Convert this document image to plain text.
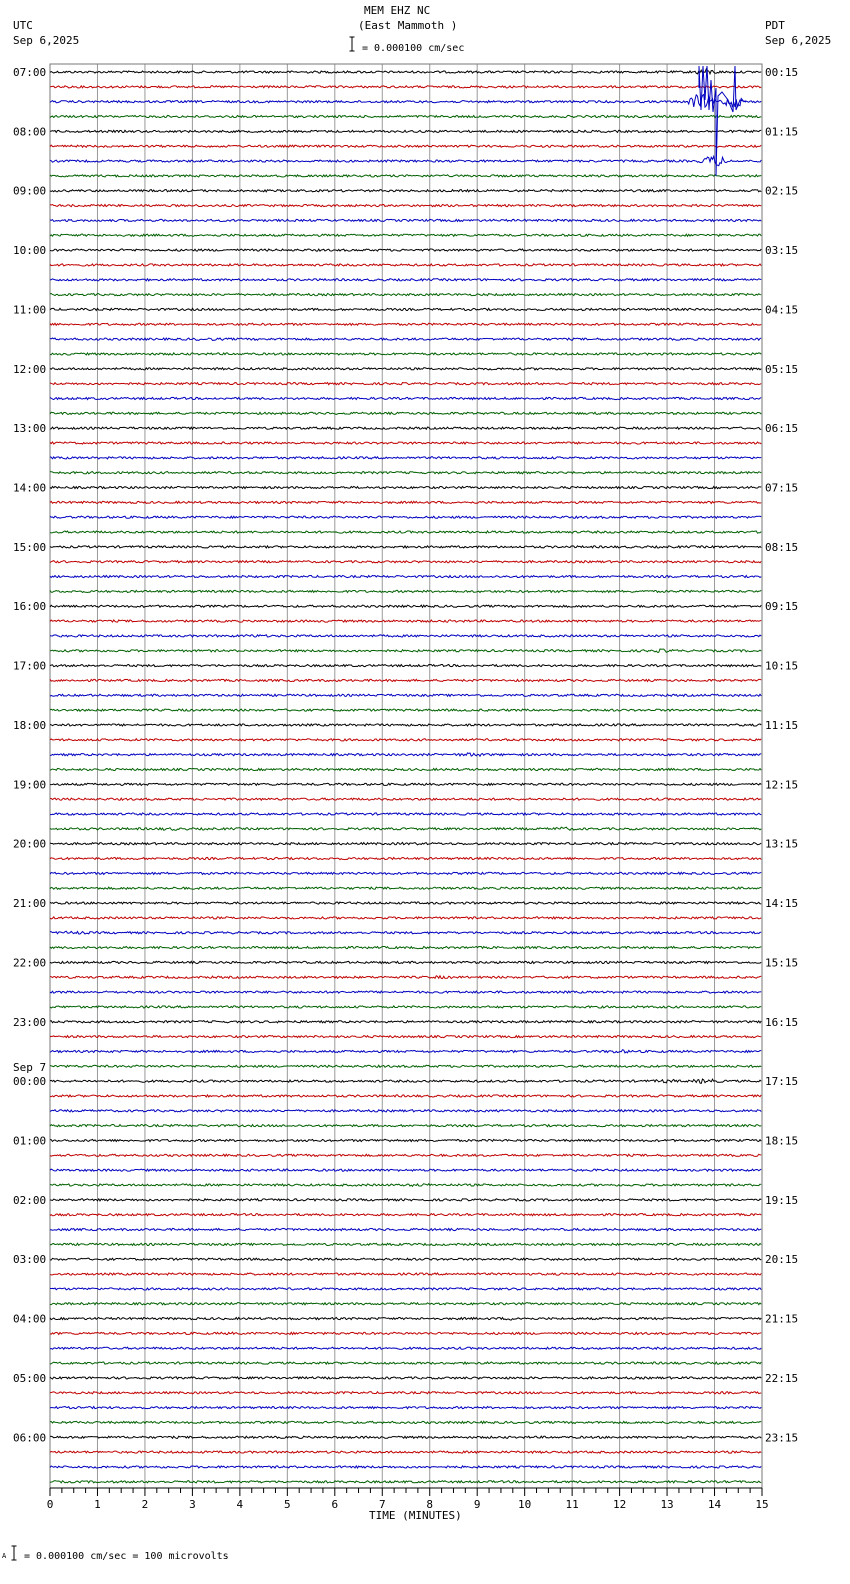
MEM EHZ NC
(East Mammoth )
= 0.000100 cm/sec
UTC
Sep 6,2025
PDT
Sep 6,2025
0	1	2	3	4	5	6	7	8	9	10	11	12	13	14	15
07:00
08:00
09:00
10:00
11:00
12:00
13:00
14:00
15:00
16:00
17:00
18:00
19:00
20:00
21:00
22:00
23:00
00:00
Sep 7
01:00
02:00
03:00
04:00
05:00
06:00
00:15
01:15
02:15
03:15
04:15
05:15
06:15
07:15
08:15
09:15
10:15
11:15
12:15
13:15
14:15
15:15
16:15
17:15
18:15
19:15
20:15
21:15
22:15
23:15
TIME (MINUTES)
A = 0.000100 cm/sec = 100 microvolts
